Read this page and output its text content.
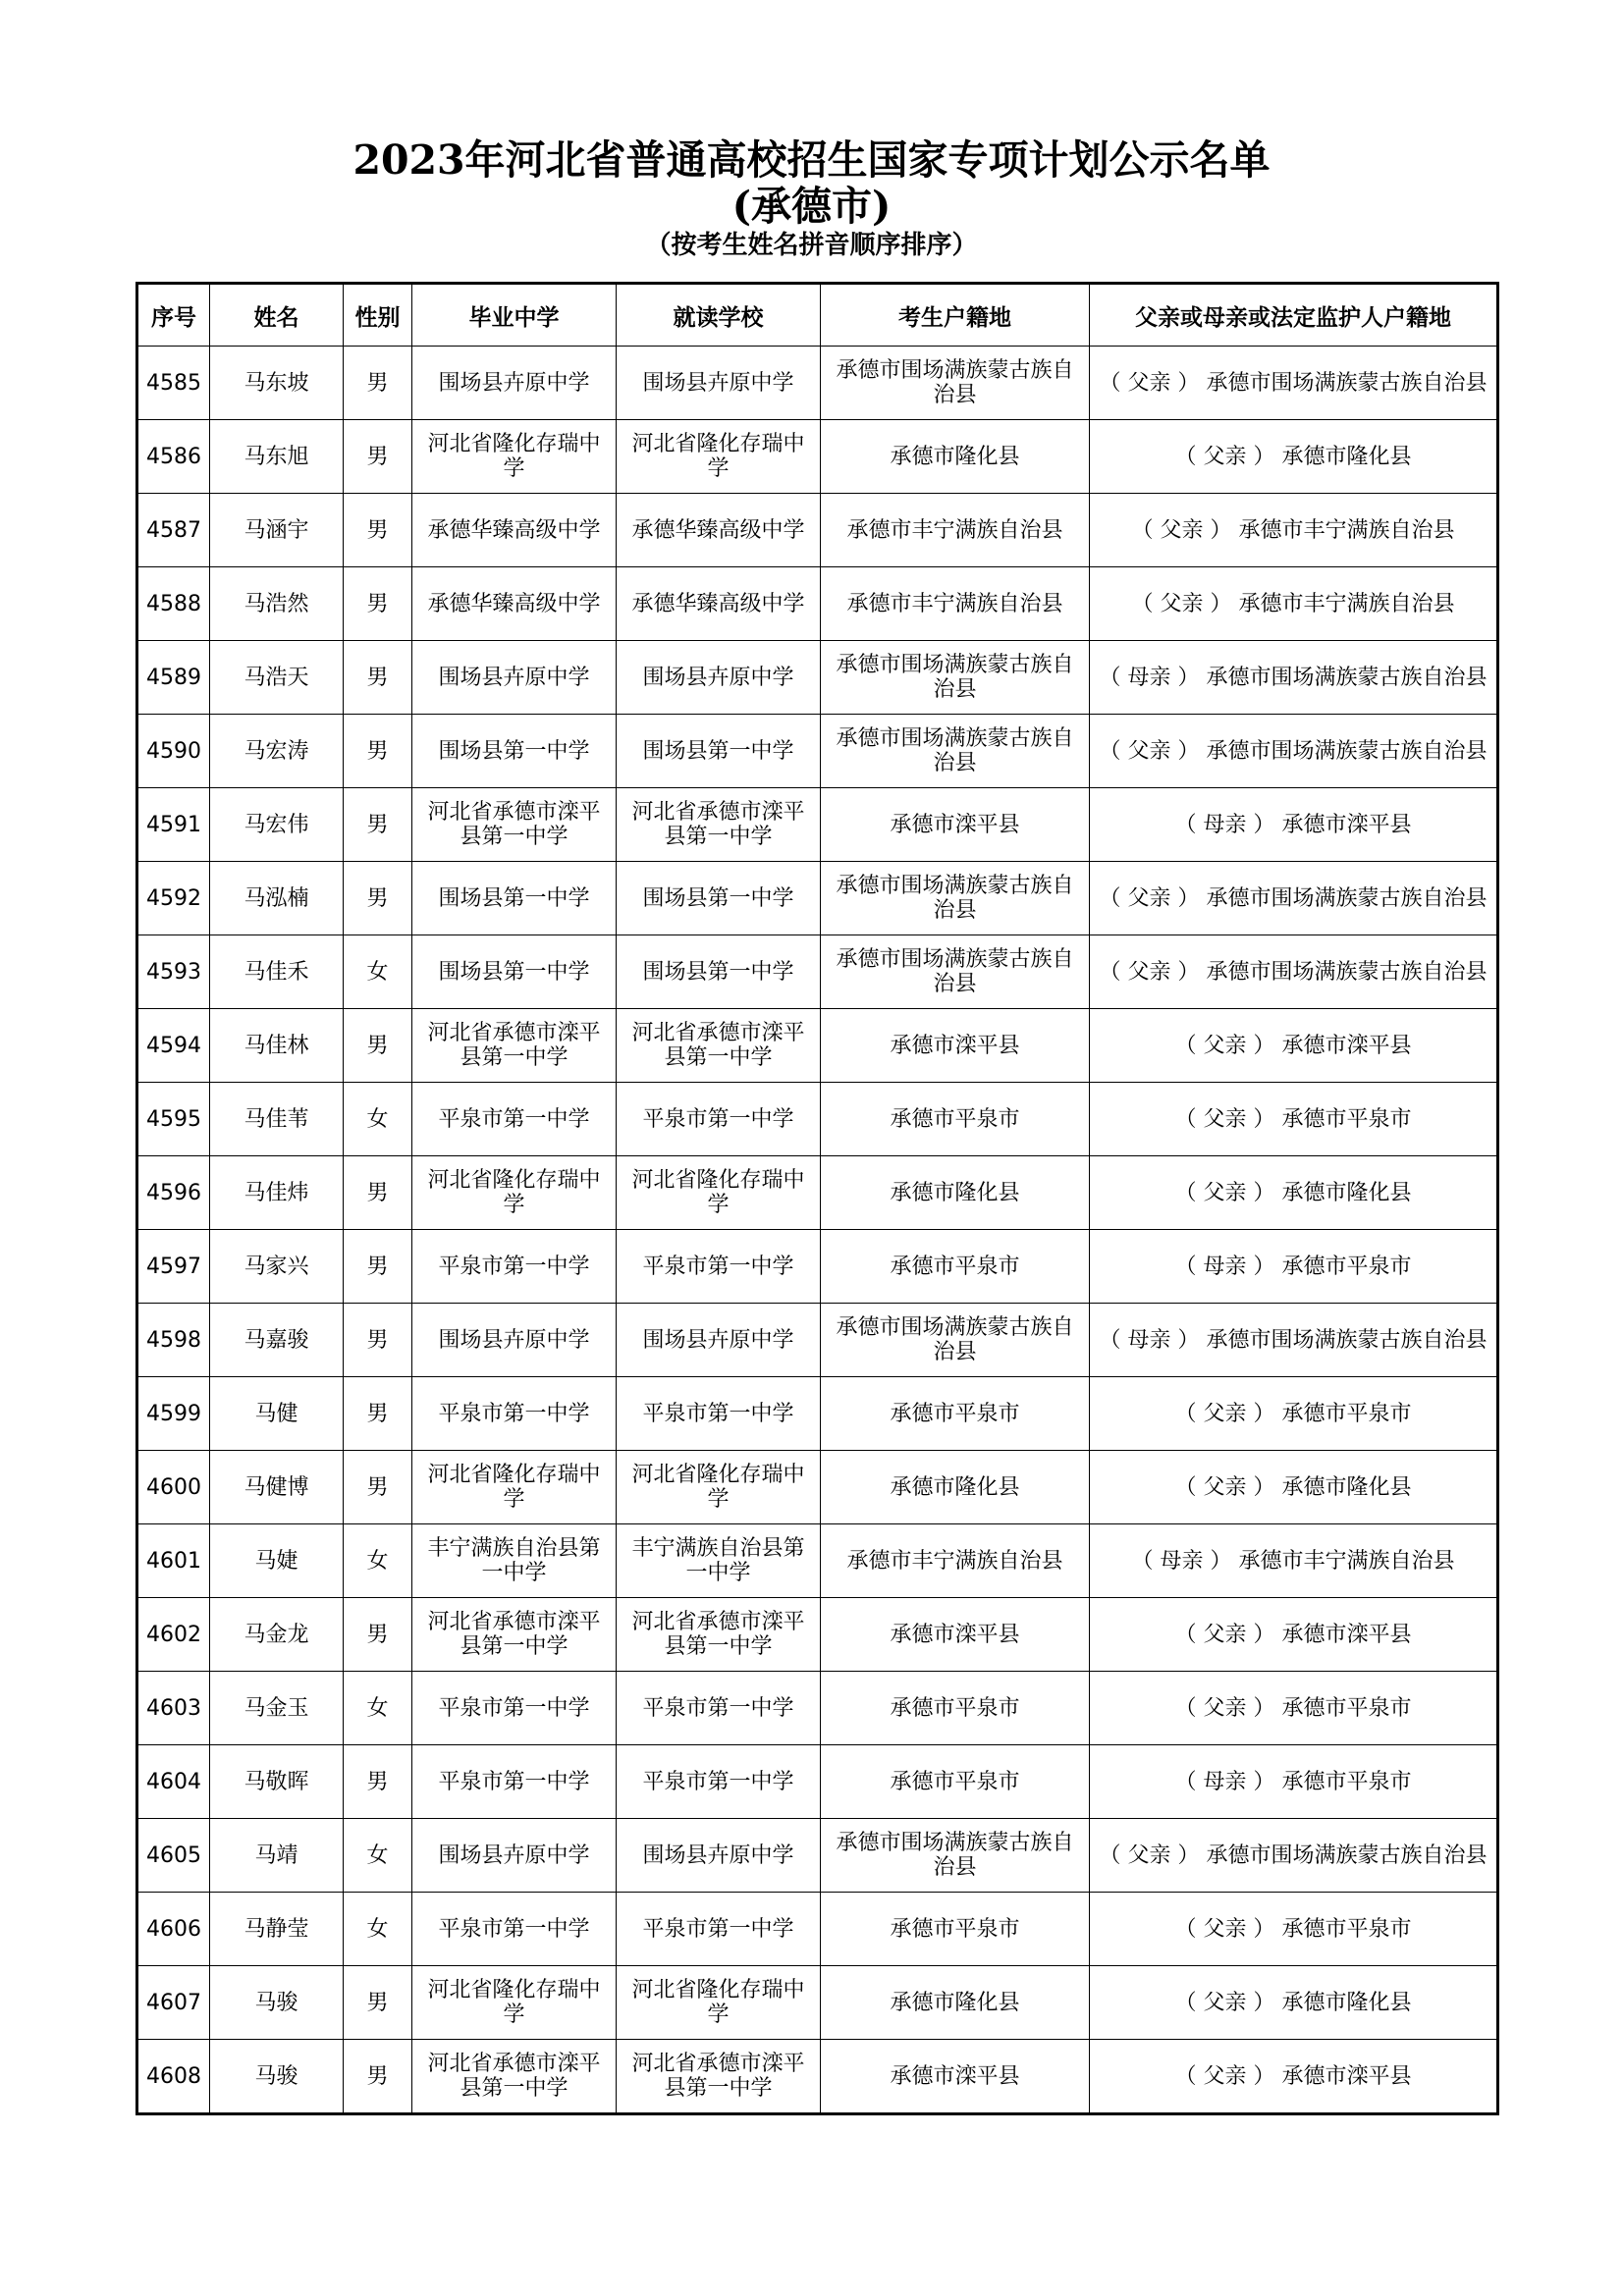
2023年河北省普通高校招生国家专项计划公示名单
(承德市)
（按考生姓名拼音顺序排序）
序号	姓名	性别	毕业中学	就读学校	考生户籍地	父亲或母亲或法定监护人户籍地
4585	马东坡	男	围场县卉原中学	围场县卉原中学	承德市围场满族蒙古族自治县	（ 父亲 ） 承德市围场满族蒙古族自治县
4586	马东旭	男	河北省隆化存瑞中学	河北省隆化存瑞中学	承德市隆化县	（ 父亲 ） 承德市隆化县
4587	马涵宇	男	承德华臻高级中学	承德华臻高级中学	承德市丰宁满族自治县	（ 父亲 ） 承德市丰宁满族自治县
4588	马浩然	男	承德华臻高级中学	承德华臻高级中学	承德市丰宁满族自治县	（ 父亲 ） 承德市丰宁满族自治县
4589	马浩天	男	围场县卉原中学	围场县卉原中学	承德市围场满族蒙古族自治县	（ 母亲 ） 承德市围场满族蒙古族自治县
4590	马宏涛	男	围场县第一中学	围场县第一中学	承德市围场满族蒙古族自治县	（ 父亲 ） 承德市围场满族蒙古族自治县
4591	马宏伟	男	河北省承德市滦平县第一中学	河北省承德市滦平县第一中学	承德市滦平县	（ 母亲 ） 承德市滦平县
4592	马泓楠	男	围场县第一中学	围场县第一中学	承德市围场满族蒙古族自治县	（ 父亲 ） 承德市围场满族蒙古族自治县
4593	马佳禾	女	围场县第一中学	围场县第一中学	承德市围场满族蒙古族自治县	（ 父亲 ） 承德市围场满族蒙古族自治县
4594	马佳林	男	河北省承德市滦平县第一中学	河北省承德市滦平县第一中学	承德市滦平县	（ 父亲 ） 承德市滦平县
4595	马佳苇	女	平泉市第一中学	平泉市第一中学	承德市平泉市	（ 父亲 ） 承德市平泉市
4596	马佳炜	男	河北省隆化存瑞中学	河北省隆化存瑞中学	承德市隆化县	（ 父亲 ） 承德市隆化县
4597	马家兴	男	平泉市第一中学	平泉市第一中学	承德市平泉市	（ 母亲 ） 承德市平泉市
4598	马嘉骏	男	围场县卉原中学	围场县卉原中学	承德市围场满族蒙古族自治县	（ 母亲 ） 承德市围场满族蒙古族自治县
4599	马健	男	平泉市第一中学	平泉市第一中学	承德市平泉市	（ 父亲 ） 承德市平泉市
4600	马健博	男	河北省隆化存瑞中学	河北省隆化存瑞中学	承德市隆化县	（ 父亲 ） 承德市隆化县
4601	马婕	女	丰宁满族自治县第一中学	丰宁满族自治县第一中学	承德市丰宁满族自治县	（ 母亲 ） 承德市丰宁满族自治县
4602	马金龙	男	河北省承德市滦平县第一中学	河北省承德市滦平县第一中学	承德市滦平县	（ 父亲 ） 承德市滦平县
4603	马金玉	女	平泉市第一中学	平泉市第一中学	承德市平泉市	（ 父亲 ） 承德市平泉市
4604	马敬晖	男	平泉市第一中学	平泉市第一中学	承德市平泉市	（ 母亲 ） 承德市平泉市
4605	马靖	女	围场县卉原中学	围场县卉原中学	承德市围场满族蒙古族自治县	（ 父亲 ） 承德市围场满族蒙古族自治县
4606	马静莹	女	平泉市第一中学	平泉市第一中学	承德市平泉市	（ 父亲 ） 承德市平泉市
4607	马骏	男	河北省隆化存瑞中学	河北省隆化存瑞中学	承德市隆化县	（ 父亲 ） 承德市隆化县
4608	马骏	男	河北省承德市滦平县第一中学	河北省承德市滦平县第一中学	承德市滦平县	（ 父亲 ） 承德市滦平县
